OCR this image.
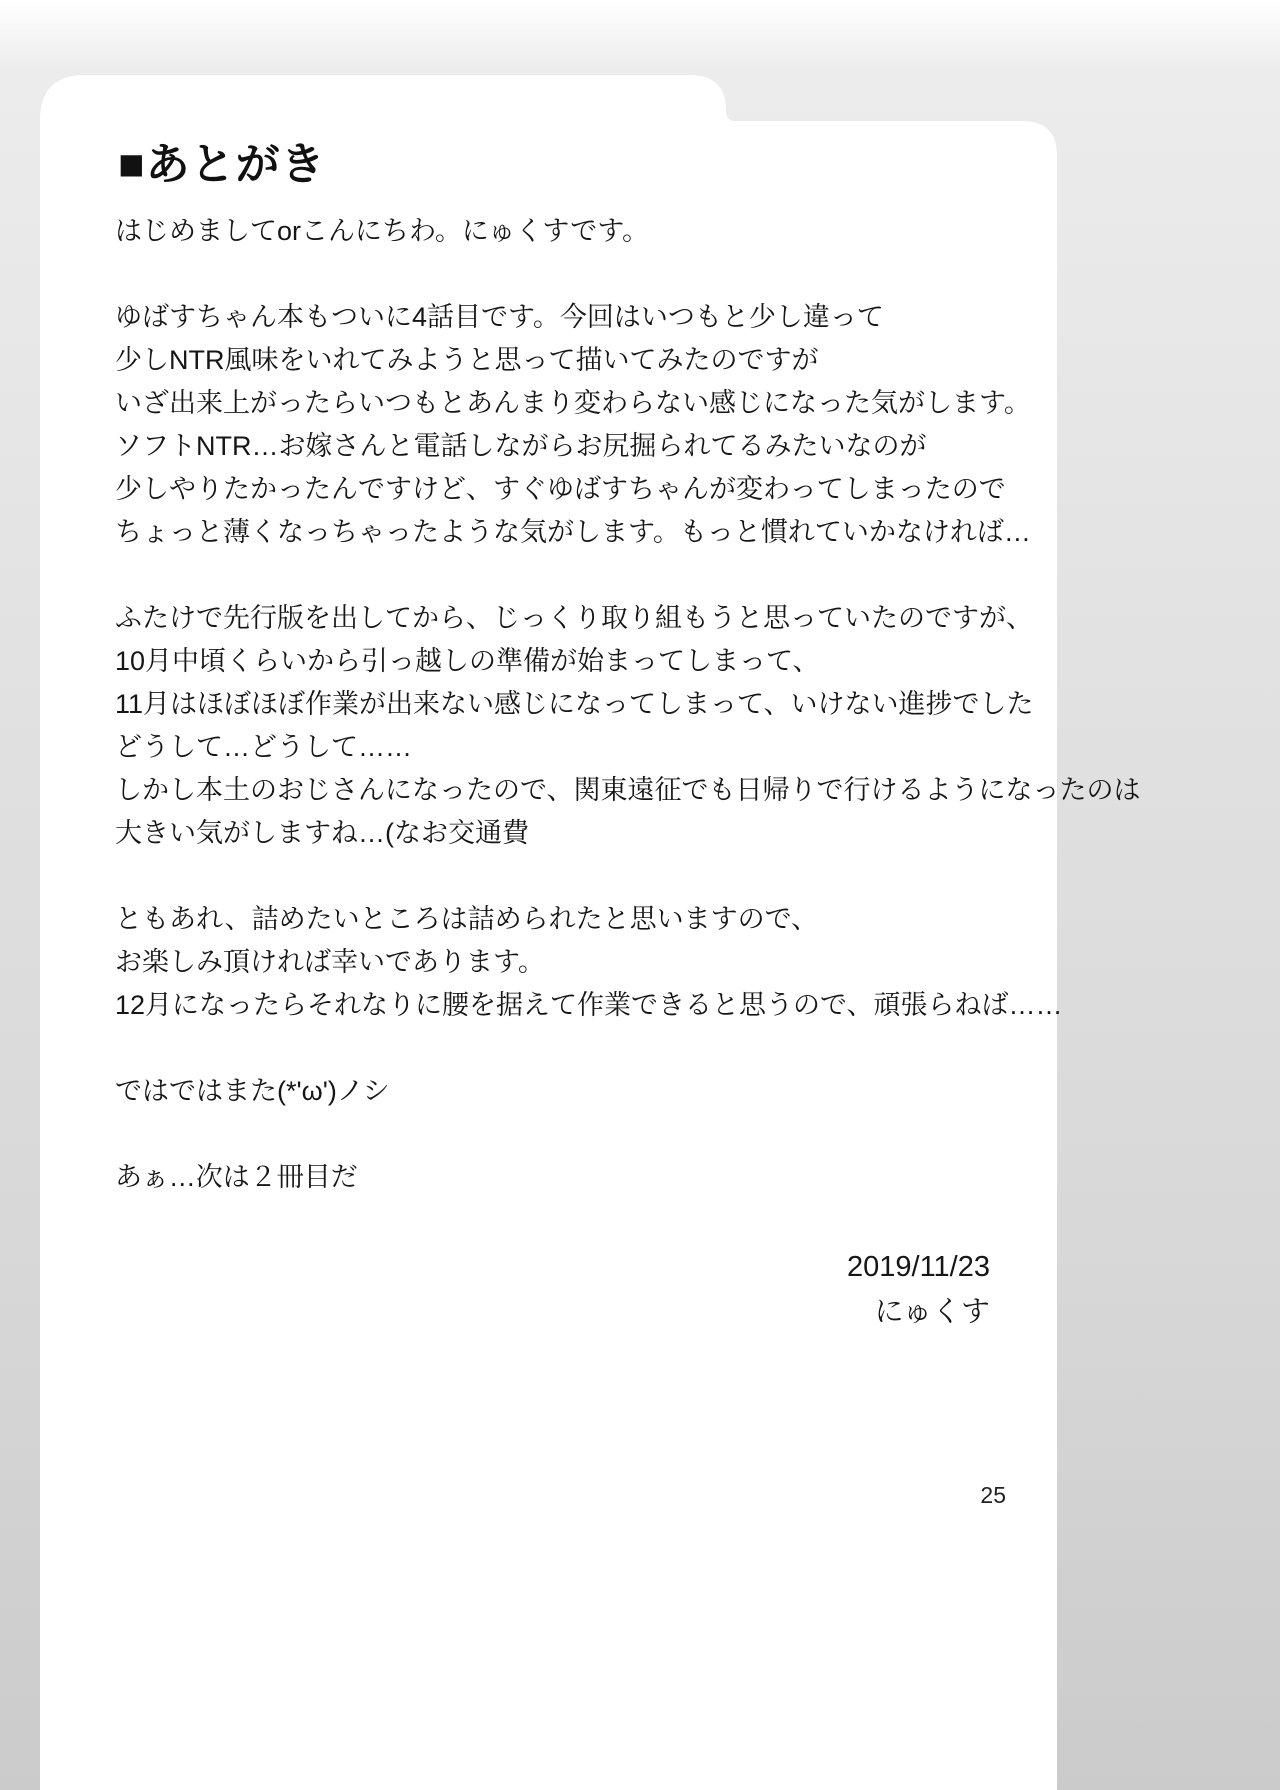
■あとがき
はじめましてorこんにちわ。にゅくすです。
ゆばすちゃん本もついに4話目です。今回はいつもと少し違って
少しNTR風味をいれてみようと思って描いてみたのですが
いざ出来上がったらいつもとあんまり変わらない感じになった気がします。
ソフトNTR…お嫁さんと電話しながらお尻掘られてるみたいなのが
少しやりたかったんですけど、すぐゆばすちゃんが変わってしまったので
ちょっと薄くなっちゃったような気がします。もっと慣れていかなければ…
ふたけで先行版を出してから、じっくり取り組もうと思っていたのですが、
10月中頃くらいから引っ越しの準備が始まってしまって、
11月はほぼほぼ作業が出来ない感じになってしまって、いけない進捗でした
どうして…どうして……
しかし本土のおじさんになったので、関東遠征でも日帰りで行けるようになったのは
大きい気がしますね…(なお交通費
ともあれ、詰めたいところは詰められたと思いますので、
お楽しみ頂ければ幸いであります。
12月になったらそれなりに腰を据えて作業できると思うので、頑張らねば……
ではではまた(*'ω')ノシ
あぁ…次は２冊目だ
2019/11/23
にゅくす
25
